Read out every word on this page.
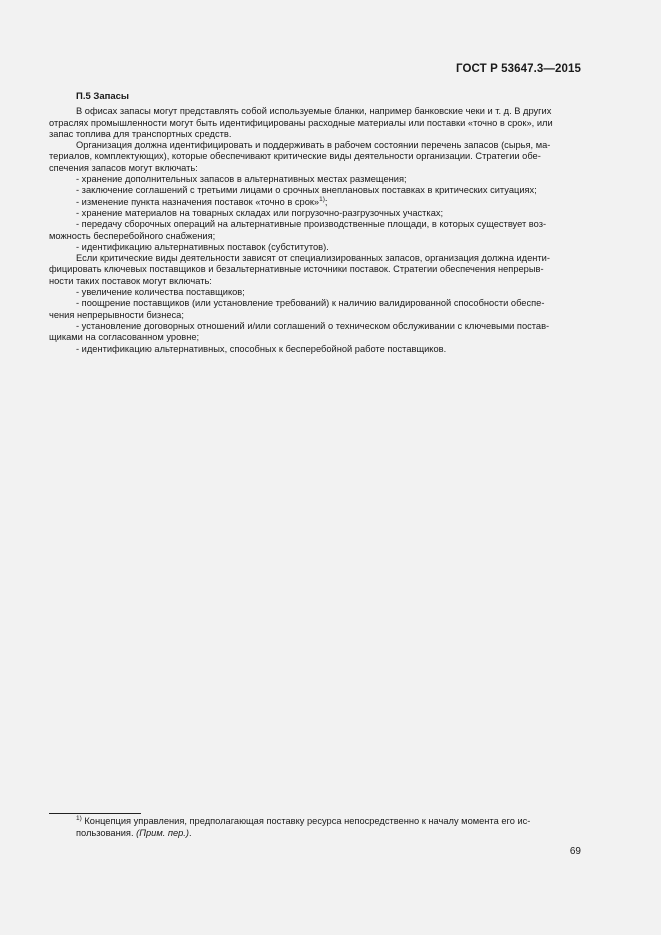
ГОСТ Р 53647.3—2015
П.5 Запасы
В офисах запасы могут представлять собой используемые бланки, например банковские чеки и т. д. В других
отраслях промышленности могут быть идентифицированы расходные материалы или поставки «точно в срок», или
запас топлива для транспортных средств.
Организация должна идентифицировать и поддерживать в рабочем состоянии перечень запасов (сырья, ма-
териалов, комплектующих), которые обеспечивают критические виды деятельности организации. Стратегии обе-
спечения запасов могут включать:
- хранение дополнительных запасов в альтернативных местах размещения;
- заключение соглашений с третьими лицами о срочных внеплановых поставках в критических ситуациях;
- изменение пункта назначения поставок «точно в срок»$^{1)}$;
- хранение материалов на товарных складах или погрузочно-разгрузочных участках;
- передачу сборочных операций на альтернативные производственные площади, в которых существует воз-
можность бесперебойного снабжения;
- идентификацию альтернативных поставок (субститутов).
Если критические виды деятельности зависят от специализированных запасов, организация должна иденти-
фицировать ключевых поставщиков и безальтернативные источники поставок. Стратегии обеспечения непрерыв-
ности таких поставок могут включать:
- увеличение количества поставщиков;
- поощрение поставщиков (или установление требований) к наличию валидированной способности обеспе-
чения непрерывности бизнеса;
- установление договорных отношений и/или соглашений о техническом обслуживании с ключевыми постав-
щиками на согласованном уровне;
- идентификацию альтернативных, способных к бесперебойной работе поставщиков.
$^{1)}$ Концепция управления, предполагающая поставку ресурса непосредственно к началу момента его ис-
пользования. (Прим. пер.).
69
